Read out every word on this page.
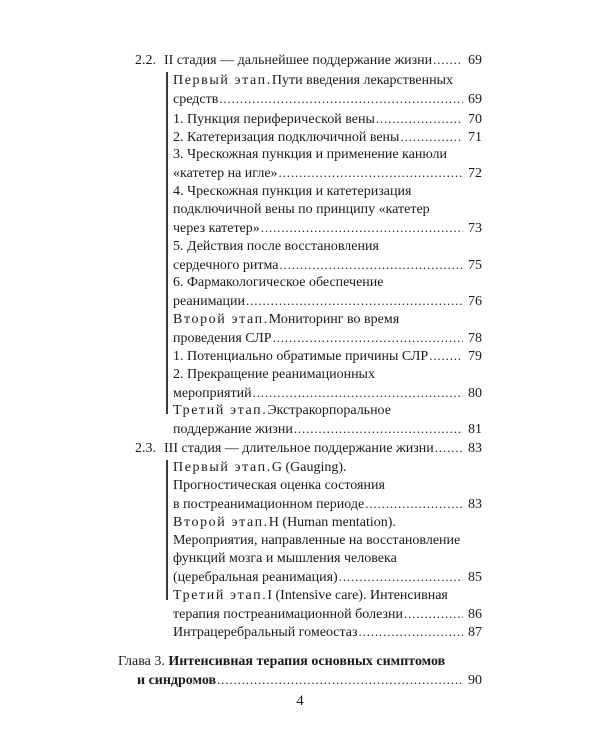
2.2. II стадия — дальнейшее поддержание жизни . . .	69
Первый этап. Пути введения лекарственных
средств . . .	69
1. Пункция периферической вены . . .	70
2. Катетеризация подключичной вены . . .	71
3. Чрескожная пункция и применение канюли
«катетер на игле» . . .	72
4. Чрескожная пункция и катетеризация
подключичной вены по принципу «катетер
через катетер» . . .	73
5. Действия после восстановления
сердечного ритма . . .	75
6. Фармакологическое обеспечение
реанимации . . .	76
Второй этап. Мониторинг во время
проведения СЛР . . .	78
1. Потенциально обратимые причины СЛР . . .	79
2. Прекращение реанимационных
мероприятий . . .	80
Третий этап. Экстракорпоральное
поддержание жизни . . .	81
2.3. III стадия — длительное поддержание жизни . . . 83
Первый этап. G (Gauging).
Прогностическая оценка состояния
в постреанимационном периоде . . .	83
Второй этап. H (Human mentation).
Мероприятия, направленные на восстановление
функций мозга и мышления человека
(церебральная реанимация) . . .	85
Третий этап. I (Intensive care). Интенсивная
терапия постреанимационной болезни . . .	86
Интрацеребральный гомеостаз . . .	87
Глава 3. Интенсивная терапия основных симптомов
и синдромов . . .	90
4
